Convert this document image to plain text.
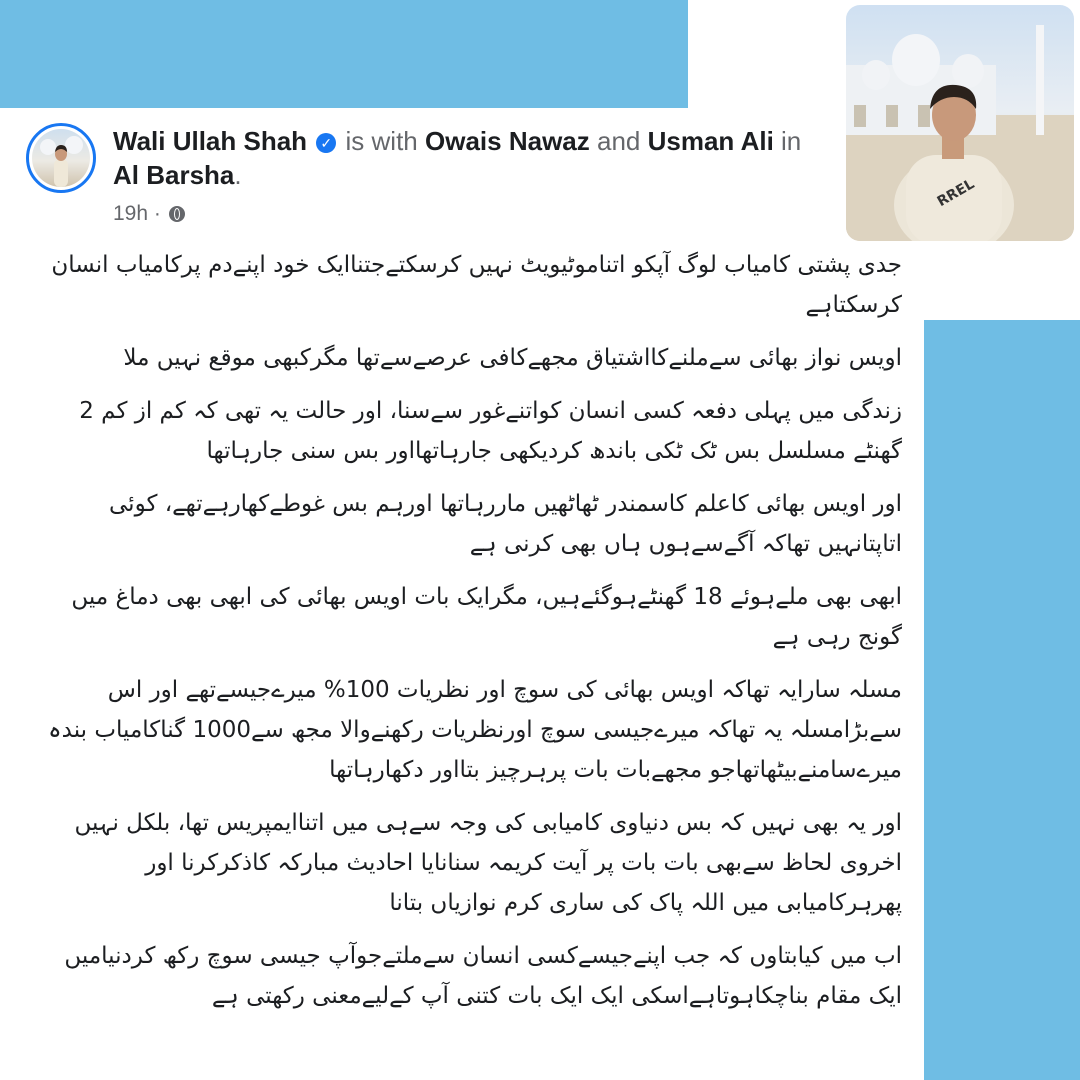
RREL
Wali Ullah Shah ✓ is with Owais Nawaz and Usman Ali in Al Barsha.
19h ·

جدی پشتی کامیاب لوگ آپکو اتناموٹیویٹ نہیں کرسکتےجتناایک خود اپنےدم پرکامیاب انسان کرسکتاہے

اویس نواز بھائی سےملنےکااشتیاق مجھےکافی عرصےسےتھا مگرکبھی موقع نہیں ملا

زندگی میں پہلی دفعہ کسی انسان کواتنےغور سےسنا، اور حالت یہ تھی کہ کم از کم 2 گھنٹے مسلسل بس ٹک ٹکی باندھ کردیکھی جارہاتھااور بس سنی جارہاتھا

اور اویس بھائی کاعلم کاسمندر ٹھاٹھیں ماررہاتھا اورہم بس غوطےکھارہےتھے، کوئی اتاپتانہیں تھاکہ آگےسےہوں ہاں بھی کرنی ہے

ابھی بھی ملےہوئے 18 گھنٹےہوگئےہیں، مگرایک بات اویس بھائی کی ابھی بھی دماغ میں گونج رہی ہے

مسلہ سارایہ تھاکہ اویس بھائی کی سوچ اور نظریات 100% میرےجیسےتھے اور اس سےبڑامسلہ یہ تھاکہ میرےجیسی سوچ اورنظریات رکھنےوالا مجھ سے1000 گناکامیاب بندہ میرےسامنےبیٹھاتھاجو مجھےبات بات پرہرچیز بتااور دکھارہاتھا

اور یہ بھی نہیں کہ بس دنیاوی کامیابی کی وجہ سےہی میں اتناایمپریس تھا، بلکل نہیں اخروی لحاظ سےبھی بات بات پر آیت کریمہ سنانایا احادیث مبارکہ کاذکرکرنا اور پھرہرکامیابی میں اللہ پاک کی ساری کرم نوازیاں بتانا

اب میں کیابتاوں کہ جب اپنےجیسےکسی انسان سےملتےجوآپ جیسی سوچ رکھ کردنیامیں ایک مقام بناچکاہوتاہےاسکی ایک ایک بات کتنی آپ کےلیےمعنی رکھتی ہے
